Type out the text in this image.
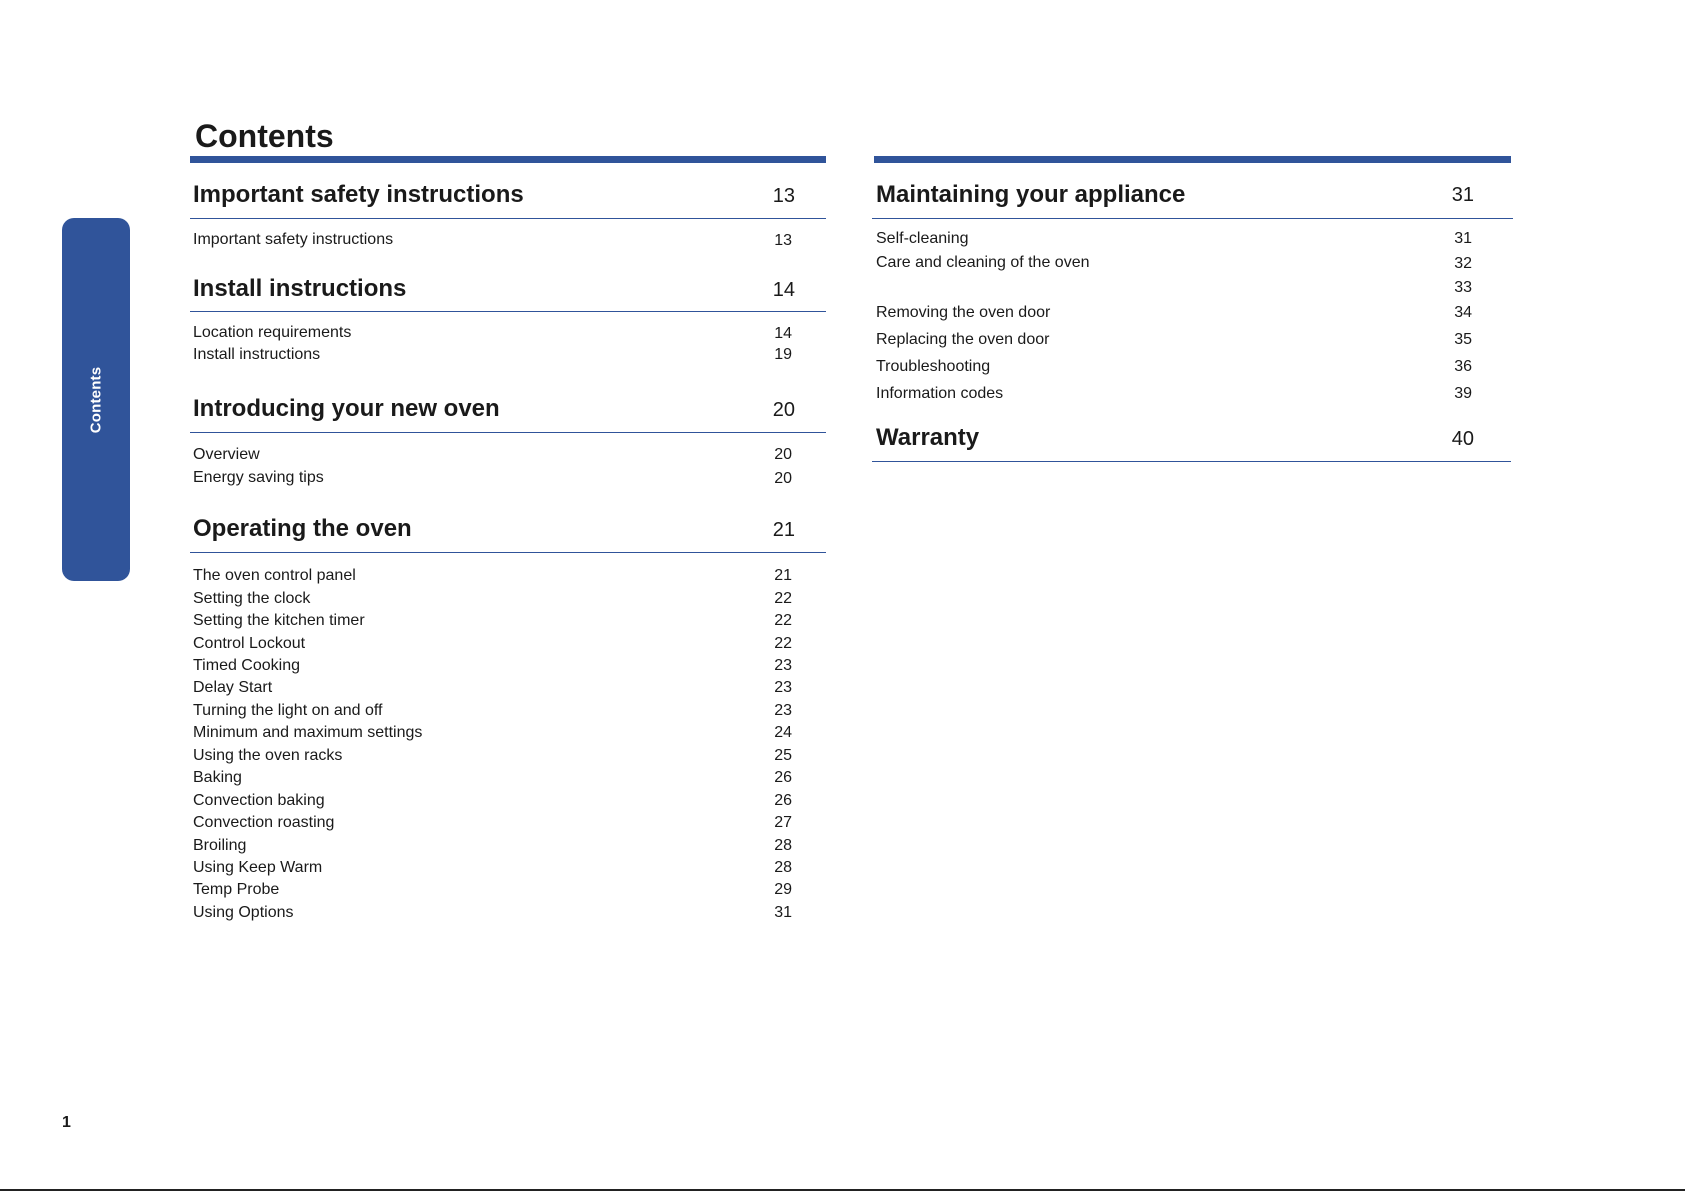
Contents
Contents
Important safety instructions	13
Important safety instructions	13
Install instructions	14
Location requirements	14
Install instructions	19
Introducing your new oven	20
Overview	20
Energy saving tips	20
Operating the oven	21
The oven control panel	21
Setting the clock	22
Setting the kitchen timer	22
Control Lockout	22
Timed Cooking	23
Delay Start	23
Turning the light on and off	23
Minimum and maximum settings	24
Using the oven racks	25
Baking	26
Convection baking	26
Convection roasting	27
Broiling	28
Using Keep Warm	28
Temp Probe	29
Using Options	31
Maintaining your appliance	31
Self-cleaning	31
Care and cleaning of the oven	32
33
Removing the oven door	34
Replacing the oven door	35
Troubleshooting	36
Information codes	39
Warranty	40
1
